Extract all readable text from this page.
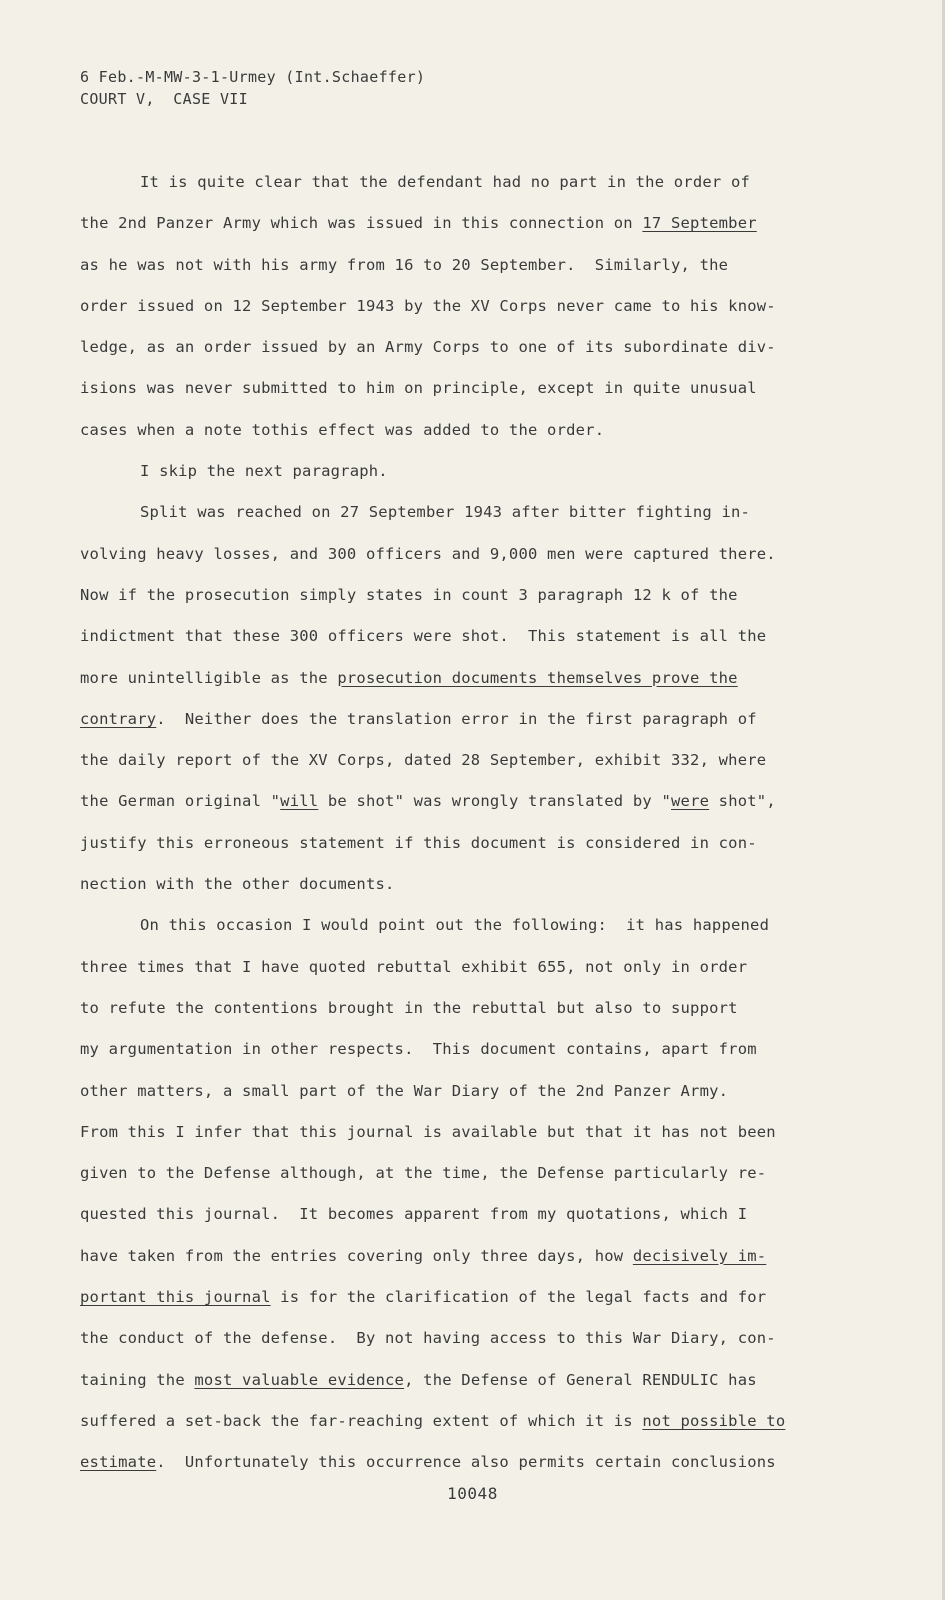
6 Feb.-M-MW-3-1-Urmey (Int.Schaeffer)
COURT V,  CASE VII
It is quite clear that the defendant had no part in the order of
the 2nd Panzer Army which was issued in this connection on 17 September
as he was not with his army from 16 to 20 September.  Similarly, the
order issued on 12 September 1943 by the XV Corps never came to his know-
ledge, as an order issued by an Army Corps to one of its subordinate div-
isions was never submitted to him on principle, except in quite unusual
cases when a note tothis effect was added to the order.
I skip the next paragraph.
Split was reached on 27 September 1943 after bitter fighting in-
volving heavy losses, and 300 officers and 9,000 men were captured there.
Now if the prosecution simply states in count 3 paragraph 12 k of the
indictment that these 300 officers were shot.  This statement is all the
more unintelligible as the prosecution documents themselves prove the
contrary.  Neither does the translation error in the first paragraph of
the daily report of the XV Corps, dated 28 September, exhibit 332, where
the German original "will be shot" was wrongly translated by "were shot",
justify this erroneous statement if this document is considered in con-
nection with the other documents.
On this occasion I would point out the following:  it has happened
three times that I have quoted rebuttal exhibit 655, not only in order
to refute the contentions brought in the rebuttal but also to support
my argumentation in other respects.  This document contains, apart from
other matters, a small part of the War Diary of the 2nd Panzer Army.
From this I infer that this journal is available but that it has not been
given to the Defense although, at the time, the Defense particularly re-
quested this journal.  It becomes apparent from my quotations, which I
have taken from the entries covering only three days, how decisively im-
portant this journal is for the clarification of the legal facts and for
the conduct of the defense.  By not having access to this War Diary, con-
taining the most valuable evidence, the Defense of General RENDULIC has
suffered a set-back the far-reaching extent of which it is not possible to
estimate.  Unfortunately this occurrence also permits certain conclusions
10048
